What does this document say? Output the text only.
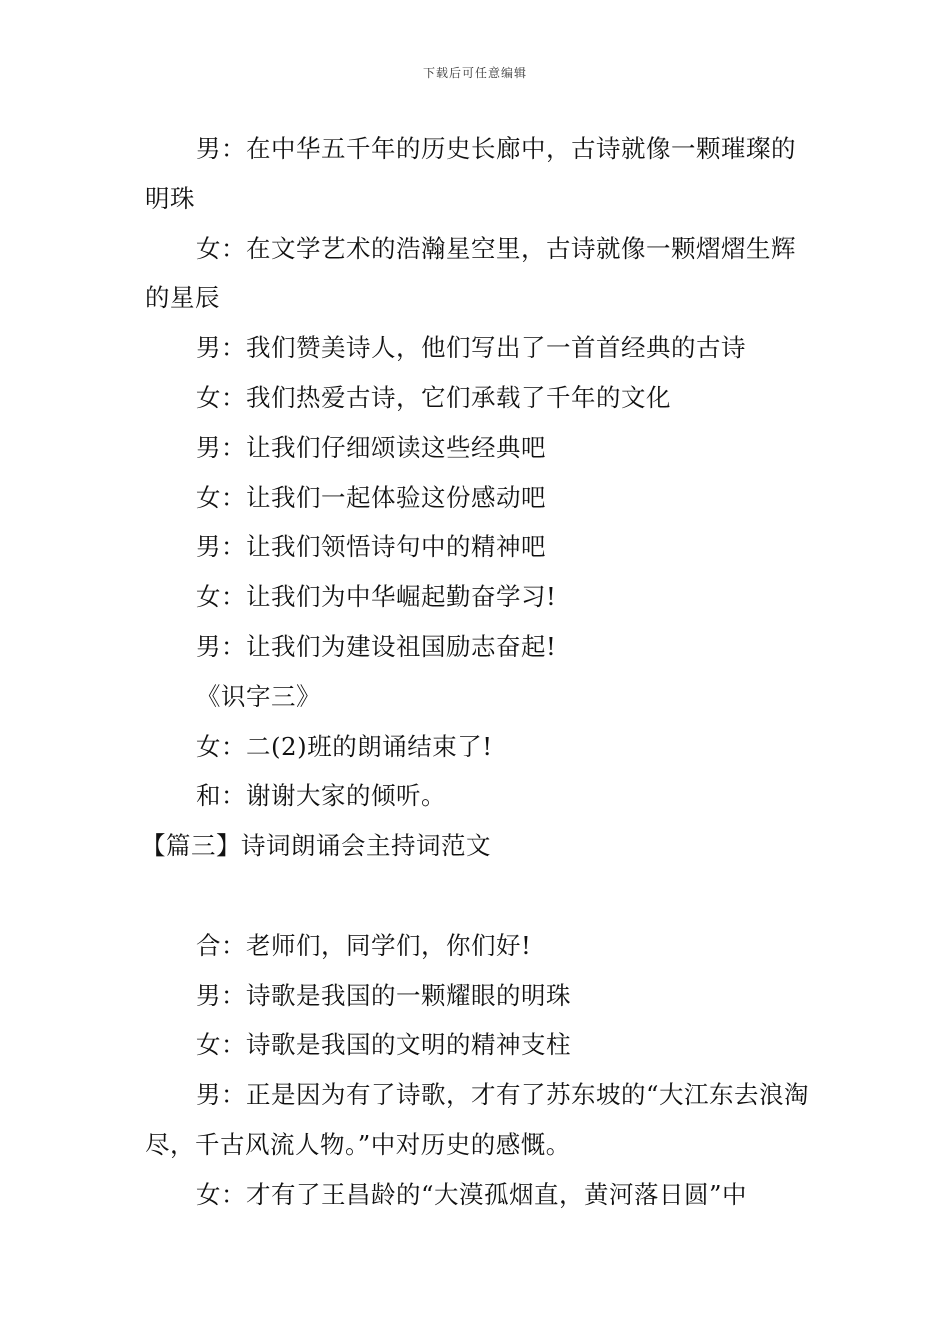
下载后可任意编辑

男：在中华五千年的历史长廊中，古诗就像一颗璀璨的明珠

女：在文学艺术的浩瀚星空里，古诗就像一颗熠熠生辉的星辰

男：我们赞美诗人，他们写出了一首首经典的古诗

女：我们热爱古诗，它们承载了千年的文化

男：让我们仔细颂读这些经典吧

女：让我们一起体验这份感动吧

男：让我们领悟诗句中的精神吧

女：让我们为中华崛起勤奋学习!

男：让我们为建设祖国励志奋起!

《识字三》

女：二(2)班的朗诵结束了!

和：谢谢大家的倾听。

【篇三】诗词朗诵会主持词范文

合：老师们，同学们，你们好!

男：诗歌是我国的一颗耀眼的明珠

女：诗歌是我国的文明的精神支柱

男：正是因为有了诗歌，才有了苏东坡的“大江东去浪淘尽，千古风流人物。”中对历史的感慨。

女：才有了王昌龄的“大漠孤烟直，黄河落日圆”中
